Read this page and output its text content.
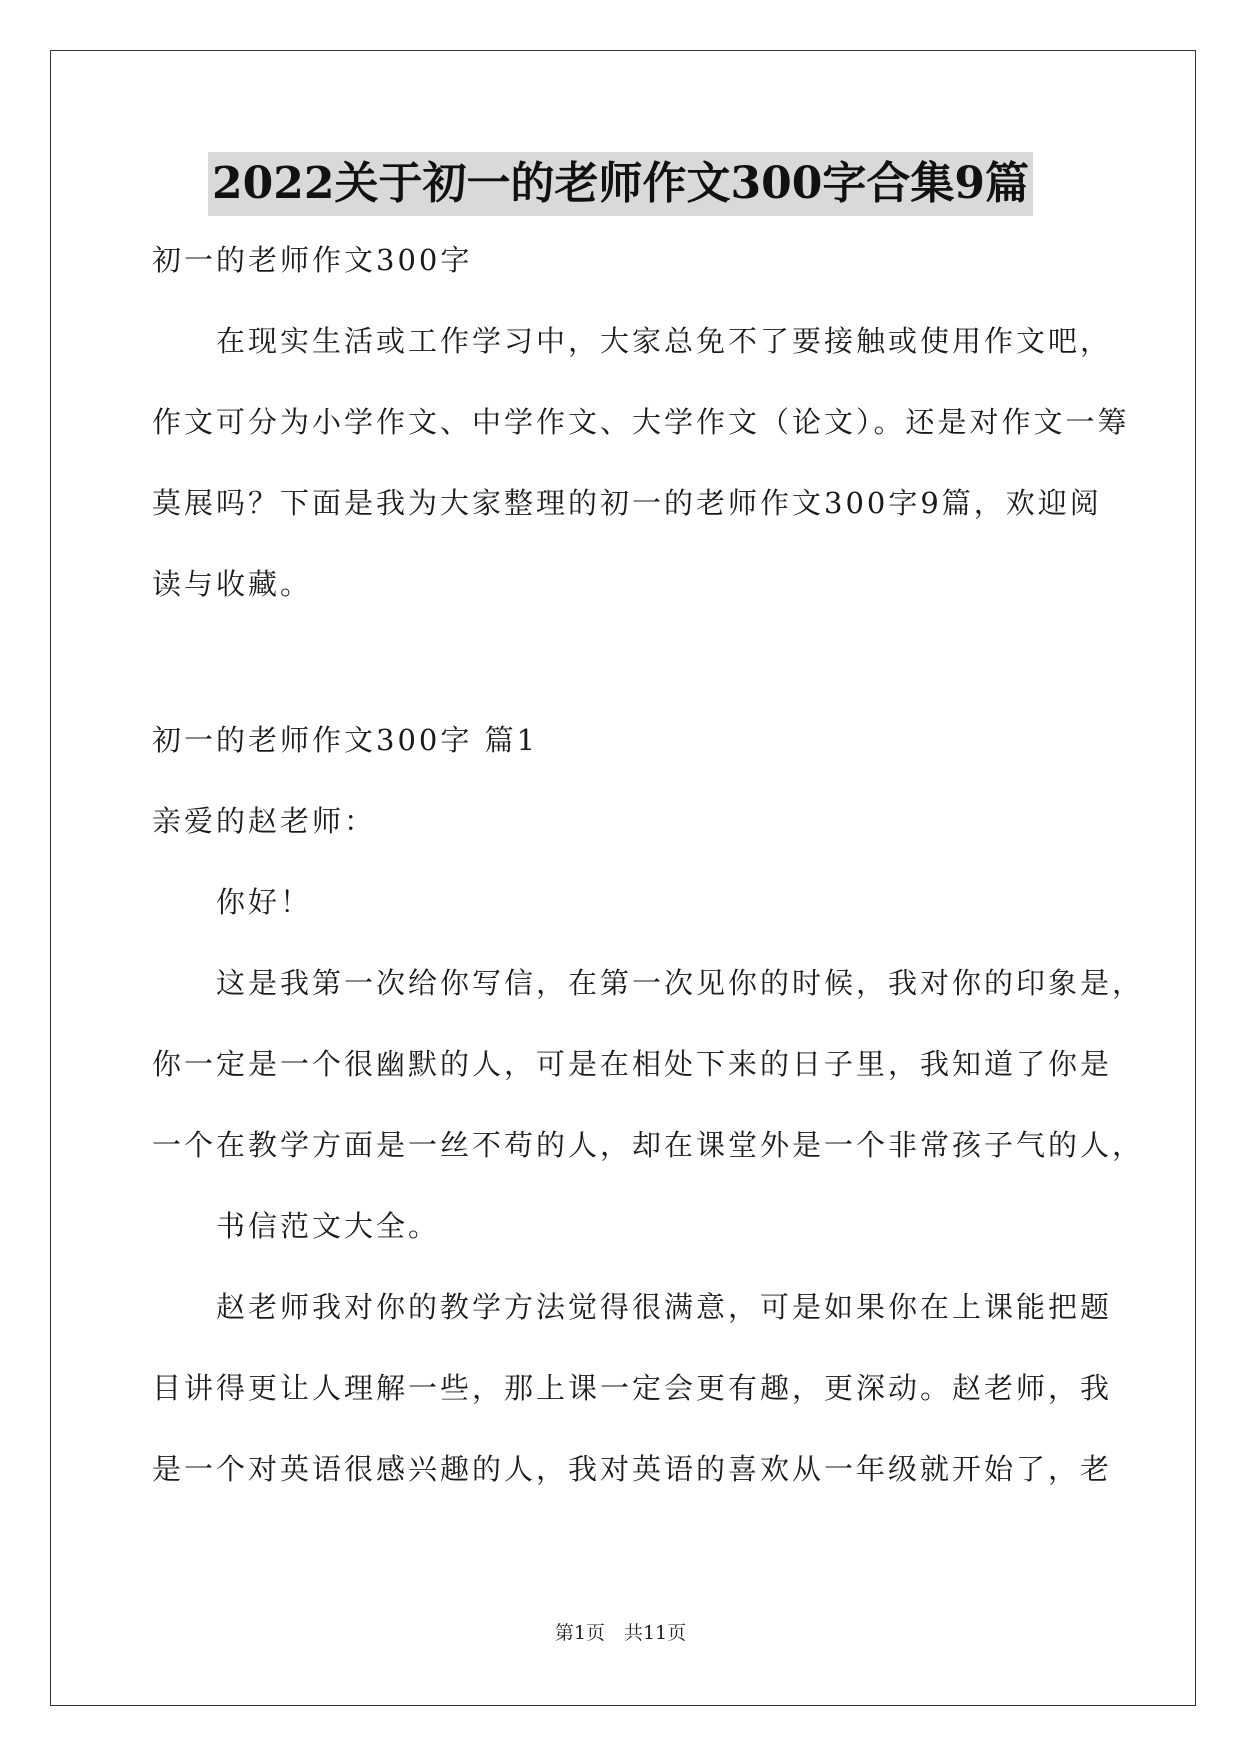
2022关于初一的老师作文300字合集9篇

初一的老师作文300字

在现实生活或工作学习中，大家总免不了要接触或使用作文吧，

作文可分为小学作文、中学作文、大学作文（论文）。还是对作文一筹

莫展吗？下面是我为大家整理的初一的老师作文300字9篇，欢迎阅

读与收藏。

初一的老师作文300字 篇1

亲爱的赵老师：

你好！

这是我第一次给你写信，在第一次见你的时候，我对你的印象是，

你一定是一个很幽默的人，可是在相处下来的日子里，我知道了你是

一个在教学方面是一丝不苟的人，却在课堂外是一个非常孩子气的人，

书信范文大全。

赵老师我对你的教学方法觉得很满意，可是如果你在上课能把题

目讲得更让人理解一些，那上课一定会更有趣，更深动。赵老师，我

是一个对英语很感兴趣的人，我对英语的喜欢从一年级就开始了，老

第1页　共11页
